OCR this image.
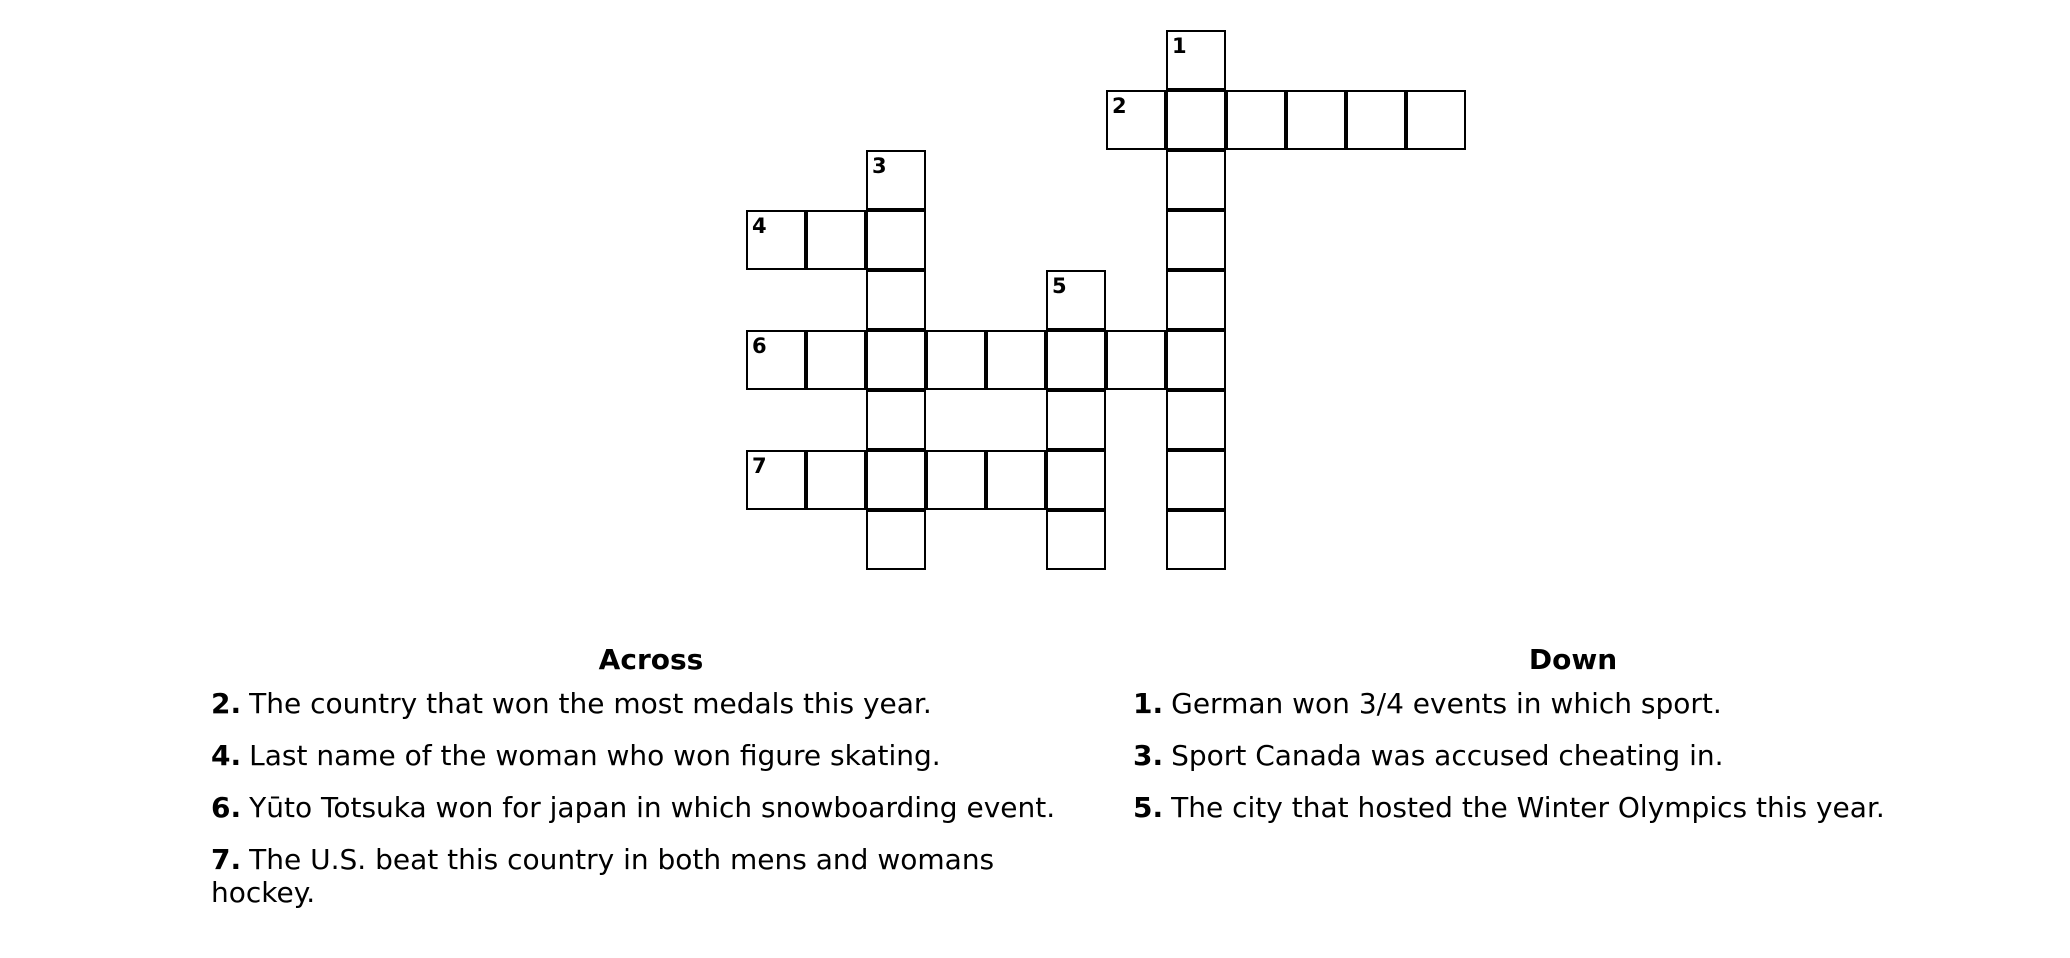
1
2
3
4
5
6
7
Across
2. The country that won the most medals this year.
4. Last name of the woman who won figure skating.
6. Yūto Totsuka won for japan in which snowboarding event.
7. The U.S. beat this country in both mens and womans hockey.
Down
1. German won 3/4 events in which sport.
3. Sport Canada was accused cheating in.
5. The city that hosted the Winter Olympics this year.
